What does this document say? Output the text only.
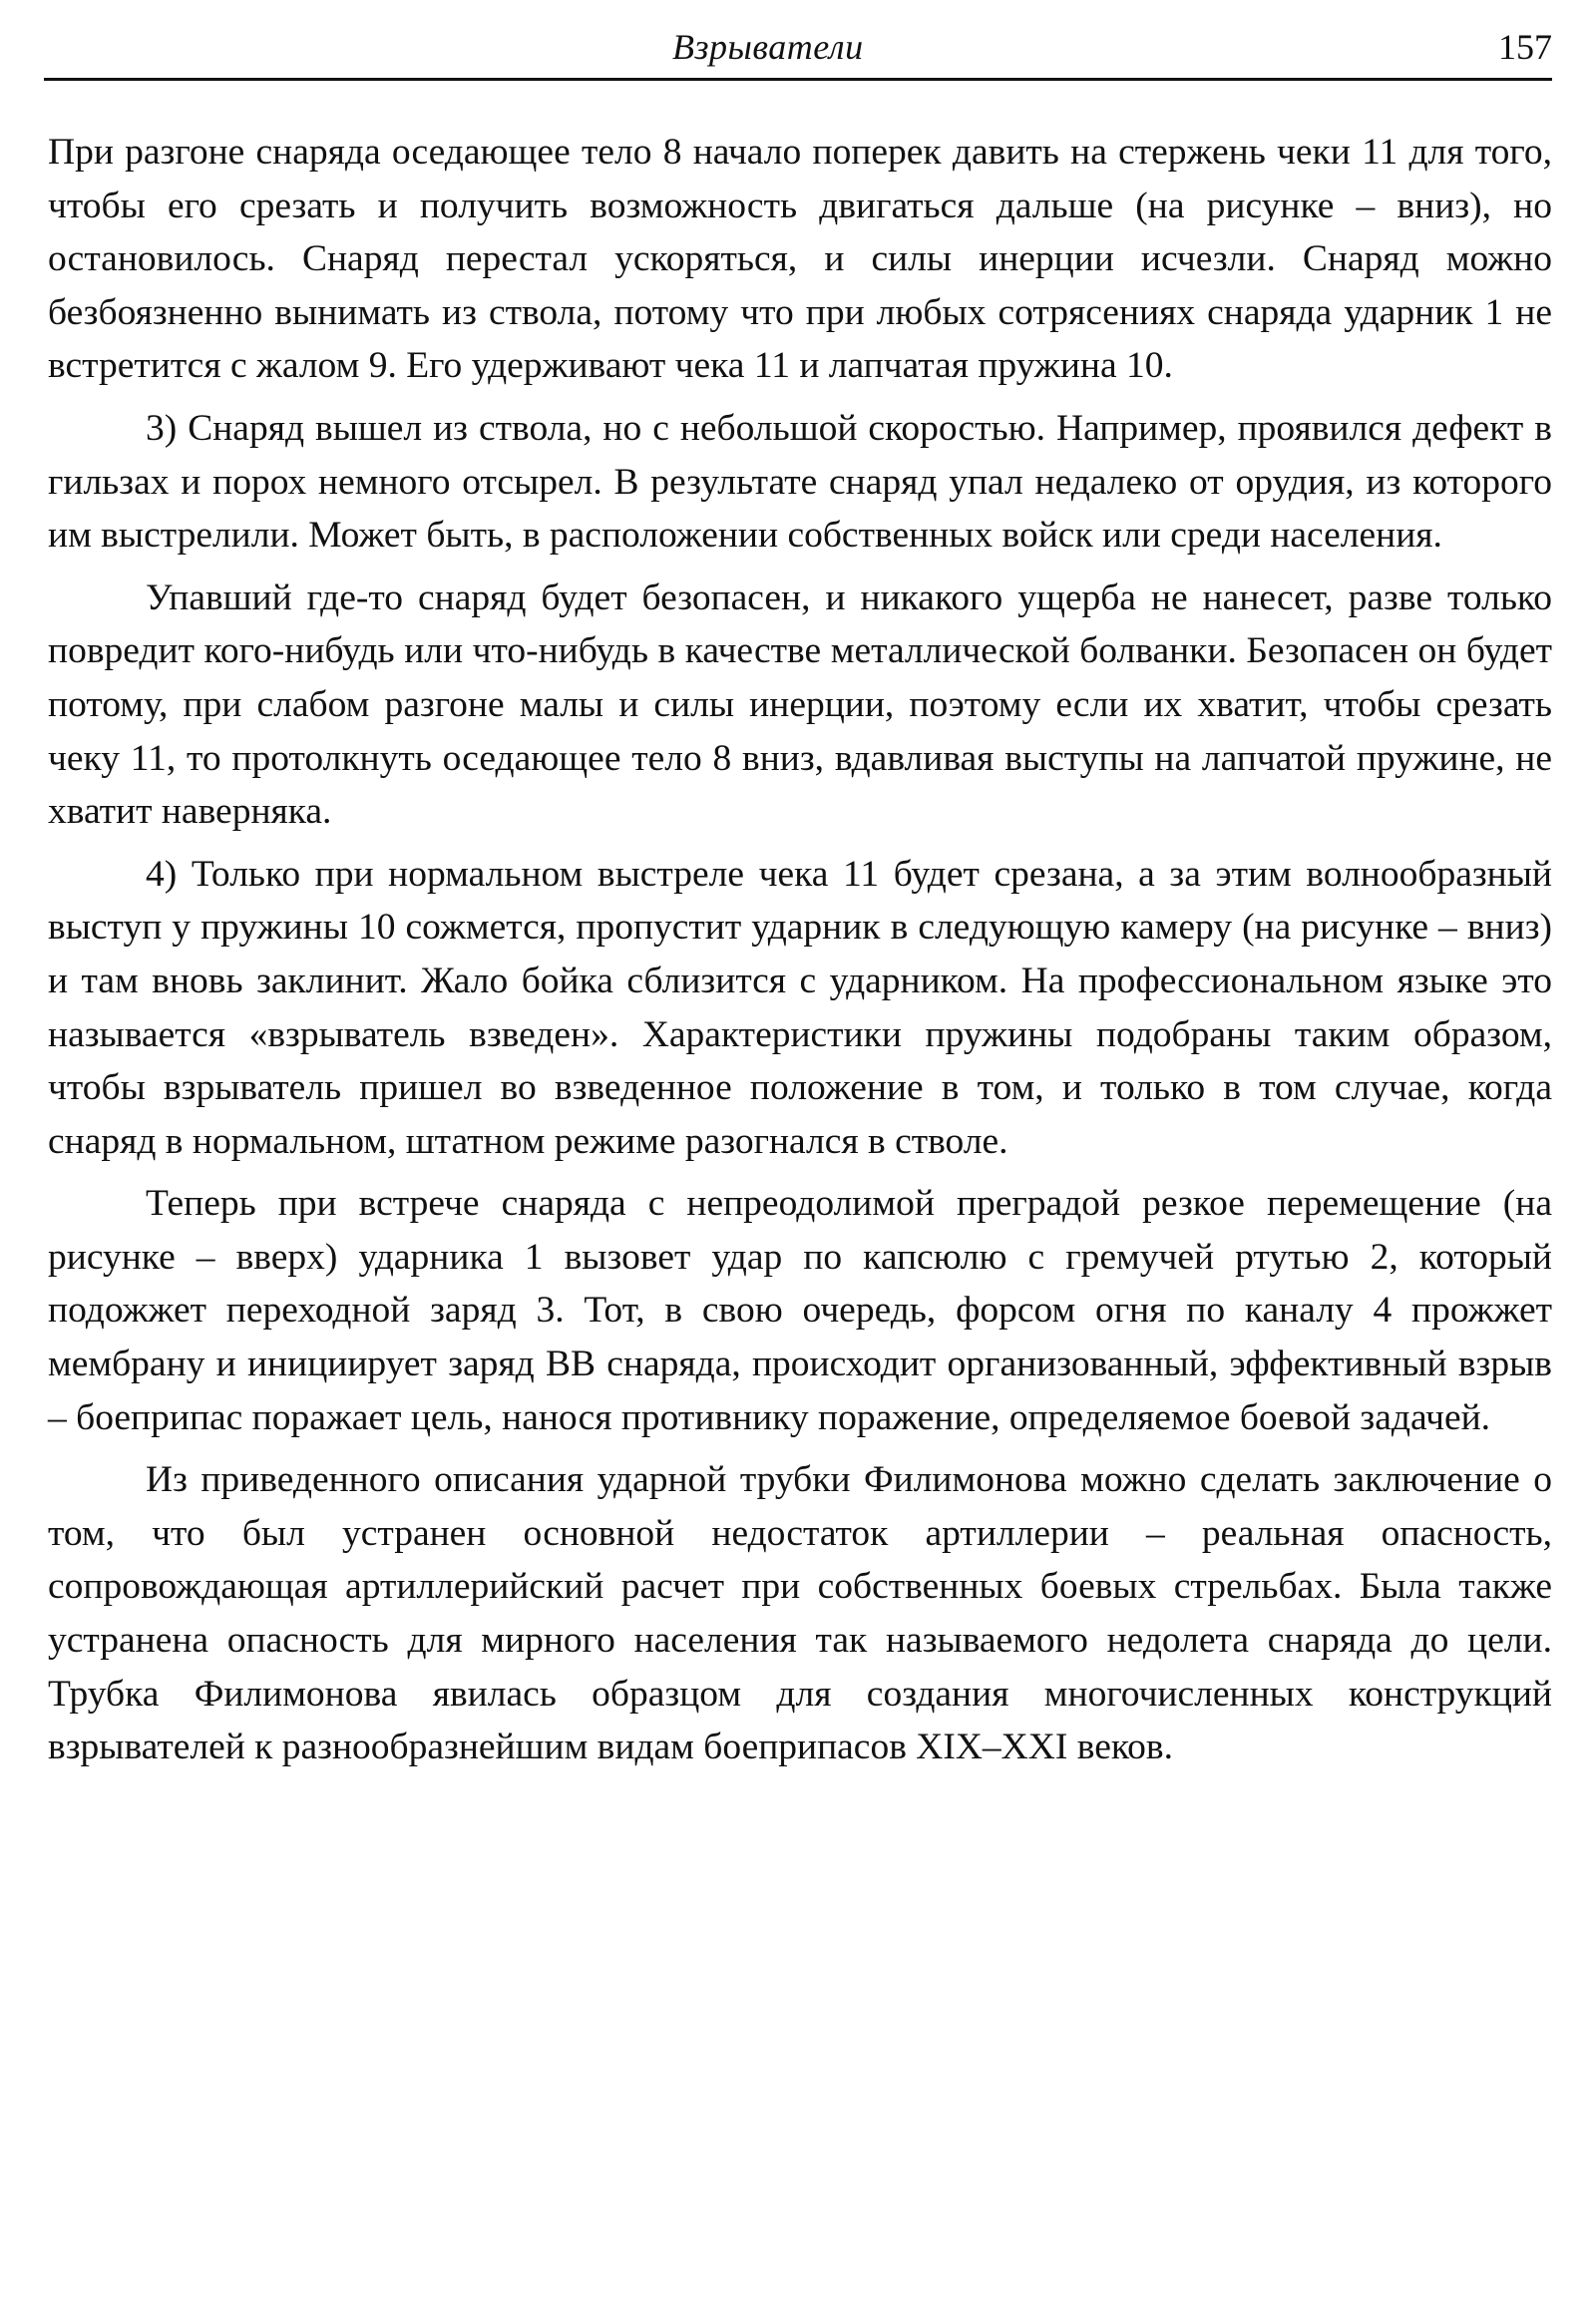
Взрыватели	157

При разгоне снаряда оседающее тело 8 начало поперек давить на стержень чеки 11 для того, чтобы его срезать и получить возможность двигаться дальше (на рисунке – вниз), но остановилось. Снаряд перестал ускоряться, и силы инерции исчезли. Снаряд можно безбоязненно вынимать из ствола, потому что при любых сотрясениях снаряда ударник 1 не встретится с жалом 9. Его удерживают чека 11 и лапчатая пружина 10.

3) Снаряд вышел из ствола, но с небольшой скоростью. Например, проявился дефект в гильзах и порох немного отсырел. В результате снаряд упал недалеко от орудия, из которого им выстрелили. Может быть, в расположении собственных войск или среди населения.

Упавший где-то снаряд будет безопасен, и никакого ущерба не нанесет, разве только повредит кого-нибудь или что-нибудь в качестве металлической болванки. Безопасен он будет потому, при слабом разгоне малы и силы инерции, поэтому если их хватит, чтобы срезать чеку 11, то протолкнуть оседающее тело 8 вниз, вдавливая выступы на лапчатой пружине, не хватит наверняка.

4) Только при нормальном выстреле чека 11 будет срезана, а за этим волнообразный выступ у пружины 10 сожмется, пропустит ударник в следующую камеру (на рисунке – вниз) и там вновь заклинит. Жало бойка сблизится с ударником. На профессиональном языке это называется «взрыватель взведен». Характеристики пружины подобраны таким образом, чтобы взрыватель пришел во взведенное положение в том, и только в том случае, когда снаряд в нормальном, штатном режиме разогнался в стволе.

Теперь при встрече снаряда с непреодолимой преградой резкое перемещение (на рисунке – вверх) ударника 1 вызовет удар по капсюлю с гремучей ртутью 2, который подожжет переходной заряд 3. Тот, в свою очередь, форсом огня по каналу 4 прожжет мембрану и инициирует заряд ВВ снаряда, происходит организованный, эффективный взрыв – боеприпас поражает цель, нанося противнику поражение, определяемое боевой задачей.

Из приведенного описания ударной трубки Филимонова можно сделать заключение о том, что был устранен основной недостаток артиллерии – реальная опасность, сопровождающая артиллерийский расчет при собственных боевых стрельбах. Была также устранена опасность для мирного населения так называемого недолета снаряда до цели. Трубка Филимонова явилась образцом для создания многочисленных конструкций взрывателей к разнообразнейшим видам боеприпасов XIX–XXI веков.
